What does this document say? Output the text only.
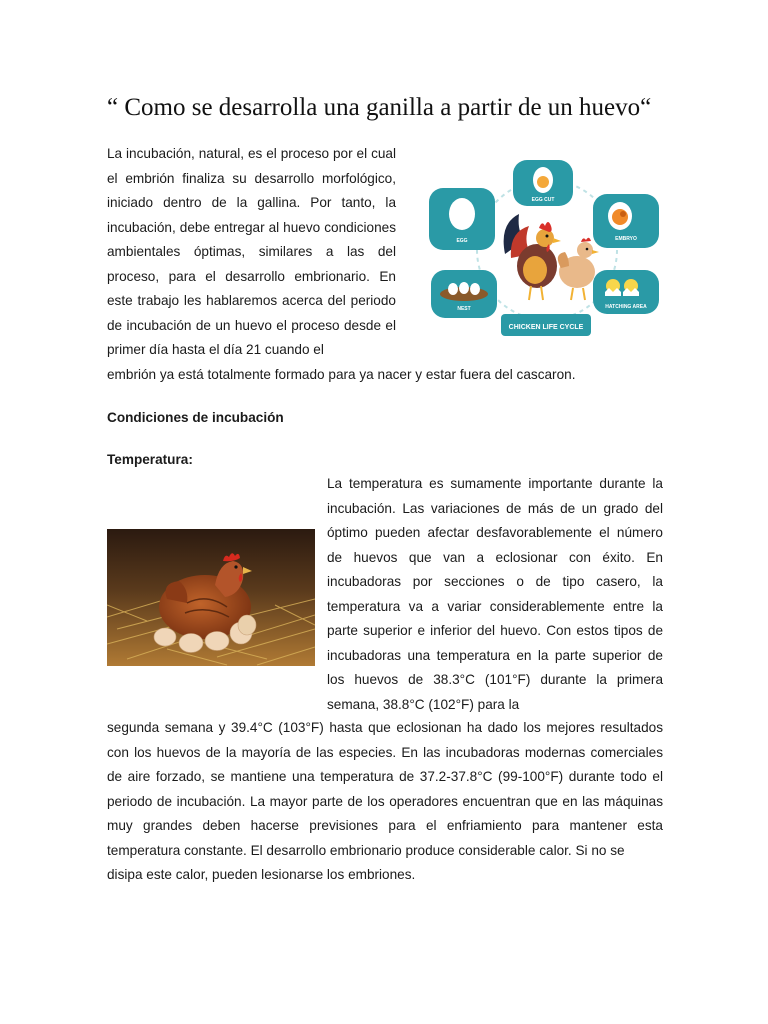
“ Como se desarrolla una ganilla a partir de un huevo“

La incubación, natural, es el proceso por el cual el embrión finaliza su desarrollo morfológico, iniciado dentro de la gallina. Por tanto, la incubación, debe entregar al huevo condiciones ambientales óptimas, similares a las del proceso, para el desarrollo embrionario. En este trabajo les hablaremos acerca del periodo de incubación de un huevo el proceso desde el primer día hasta el día 21 cuando el

embrión ya está totalmente formado para ya nacer y estar fuera del cascaron.

EGG
EGG CUT
EMBRYO
HATCHING AREA
NEST
CHICKEN LIFE CYCLE
Condiciones de incubación
Temperatura:

La temperatura es sumamente importante durante la incubación. Las variaciones de más de un grado del óptimo pueden afectar desfavorablemente el número de huevos que van a eclosionar con éxito. En incubadoras por secciones o de tipo casero, la temperatura va a variar considerablemente entre la parte superior e inferior del huevo. Con estos tipos de incubadoras una temperatura en la parte superior de los huevos de 38.3°C (101°F) durante la primera semana, 38.8°C (102°F) para la

segunda semana y 39.4°C (103°F) hasta que eclosionan ha dado los mejores resultados con los huevos de la mayoría de las especies. En las incubadoras modernas comerciales de aire forzado, se mantiene una temperatura de 37.2-37.8°C (99-100°F) durante todo el periodo de incubación. La mayor parte de los operadores encuentran que en las máquinas muy grandes deben hacerse previsiones para el enfriamiento para mantener esta temperatura constante. El desarrollo embrionario produce considerable calor. Si no se
disipa este calor, pueden lesionarse los embriones.
